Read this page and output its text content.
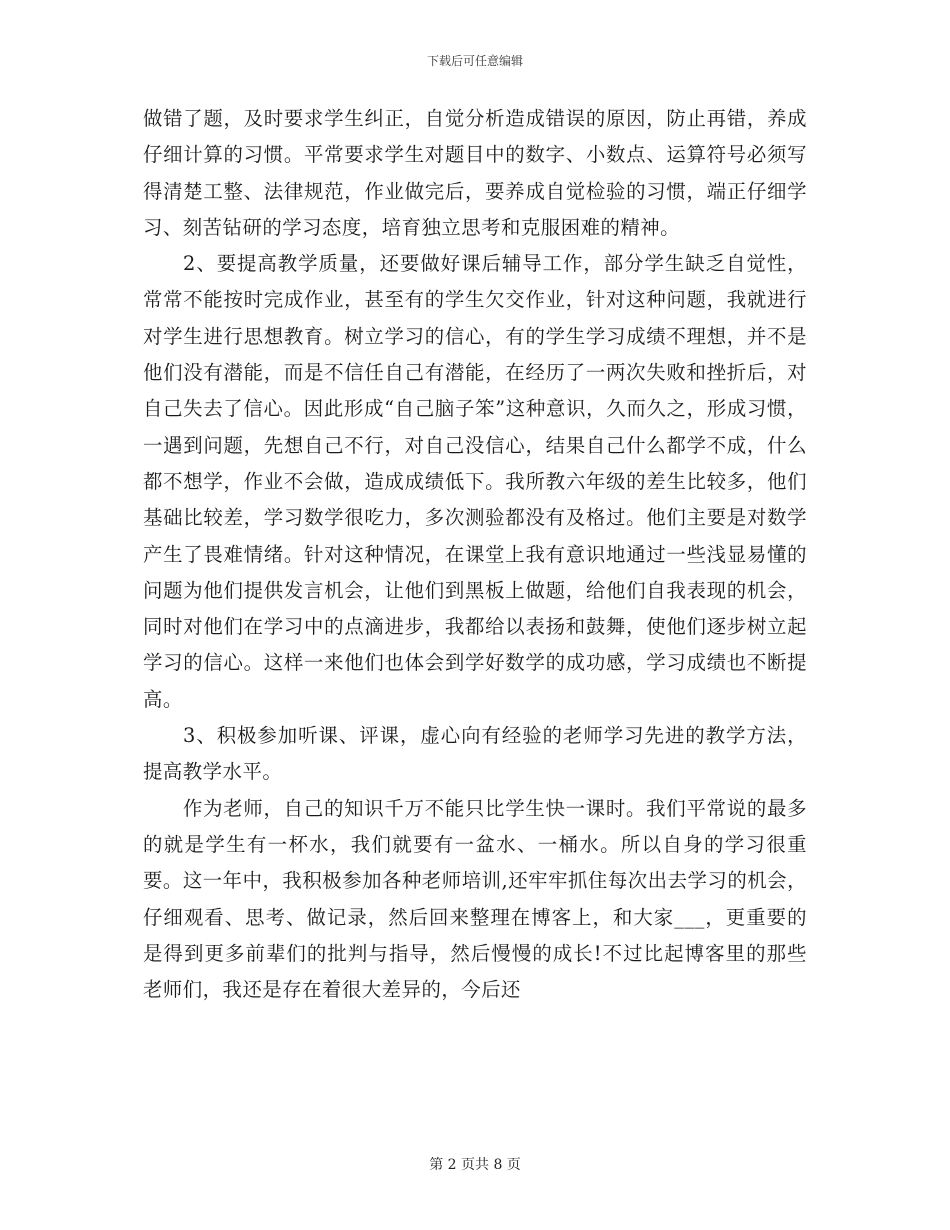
下载后可任意编辑

做错了题，及时要求学生纠正，自觉分析造成错误的原因，防止再错，养成仔细计算的习惯。平常要求学生对题目中的数字、小数点、运算符号必须写得清楚工整、法律规范，作业做完后，要养成自觉检验的习惯，端正仔细学习、刻苦钻研的学习态度，培育独立思考和克服困难的精神。

2、要提高教学质量，还要做好课后辅导工作，部分学生缺乏自觉性，常常不能按时完成作业，甚至有的学生欠交作业，针对这种问题，我就进行对学生进行思想教育。树立学习的信心，有的学生学习成绩不理想，并不是他们没有潜能，而是不信任自己有潜能，在经历了一两次失败和挫折后，对自己失去了信心。因此形成“自己脑子笨”这种意识，久而久之，形成习惯，一遇到问题，先想自己不行，对自己没信心，结果自己什么都学不成，什么都不想学，作业不会做，造成成绩低下。我所教六年级的差生比较多，他们基础比较差，学习数学很吃力，多次测验都没有及格过。他们主要是对数学产生了畏难情绪。针对这种情况，在课堂上我有意识地通过一些浅显易懂的问题为他们提供发言机会，让他们到黑板上做题，给他们自我表现的机会，同时对他们在学习中的点滴进步，我都给以表扬和鼓舞，使他们逐步树立起学习的信心。这样一来他们也体会到学好数学的成功感，学习成绩也不断提高。

3、积极参加听课、评课，虚心向有经验的老师学习先进的教学方法，提高教学水平。

作为老师，自己的知识千万不能只比学生快一课时。我们平常说的最多的就是学生有一杯水，我们就要有一盆水、一桶水。所以自身的学习很重要。这一年中，我积极参加各种老师培训,还牢牢抓住每次出去学习的机会，仔细观看、思考、做记录，然后回来整理在博客上，和大家___，更重要的是得到更多前辈们的批判与指导，然后慢慢的成长!不过比起博客里的那些老师们，我还是存在着很大差异的，今后还

第 2 页共 8 页
